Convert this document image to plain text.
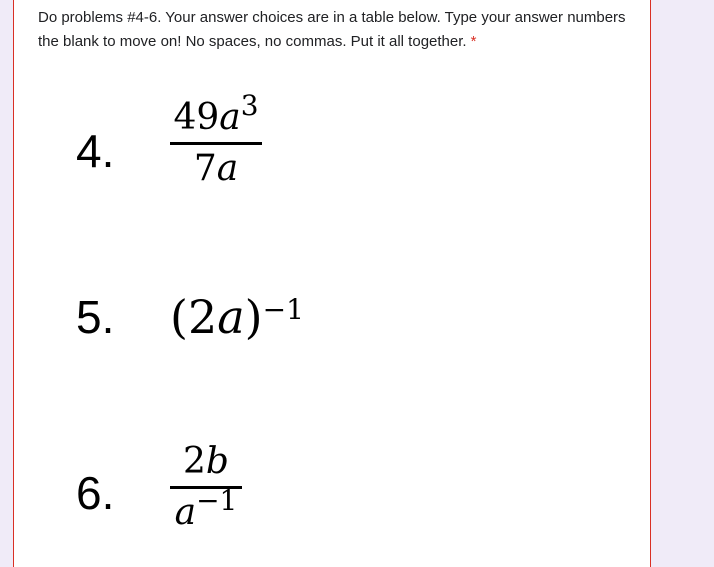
Do problems #4-6. Your answer choices are in a table below. Type your answer numbers the blank to move on! No spaces, no commas. Put it all together. *
4.
$49a^3$
7a
5. $(2a)^{-1}$
6.
2b
$a^{-1}$
